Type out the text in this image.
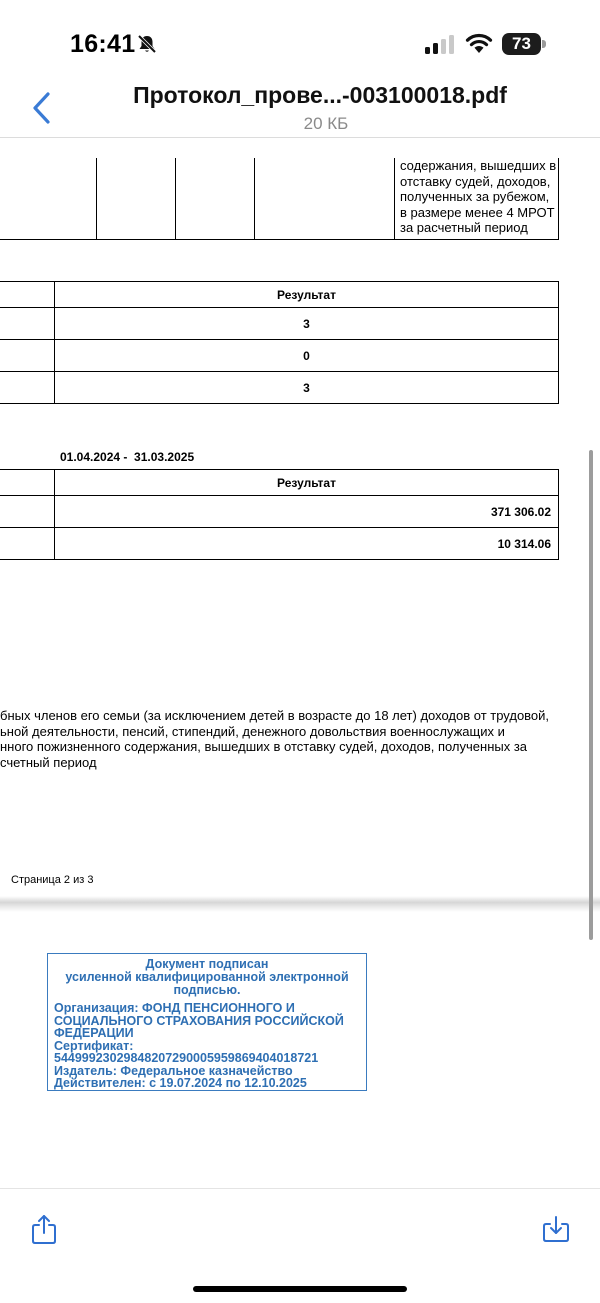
16:41	73
Протокол_прове...-003100018.pdf
20 КБ
содержания, вышедших в
отставку судей, доходов,
полученных за рубежом,
в размере менее 4 МРОТ
за расчетный период
Результат
3
0
3
01.04.2024 -  31.03.2025
Результат
371 306.02
10 314.06
бных членов его семьи (за исключением детей в возрасте до 18 лет) доходов от трудовой,
ьной деятельности, пенсий, стипендий, денежного довольствия военнослужащих и
нного пожизненного содержания, вышедших в отставку судей, доходов, полученных за
счетный период
Страница 2 из 3
Документ подписан
усиленной квалифицированной электронной
подписью.
Организация: ФОНД ПЕНСИОННОГО И
СОЦИАЛЬНОГО СТРАХОВАНИЯ РОССИЙСКОЙ
ФЕДЕРАЦИИ
Сертификат:
544999230298482072900059598694040187​21
Издатель: Федеральное казначейство
Действителен: с 19.07.2024 по 12.10.2025
